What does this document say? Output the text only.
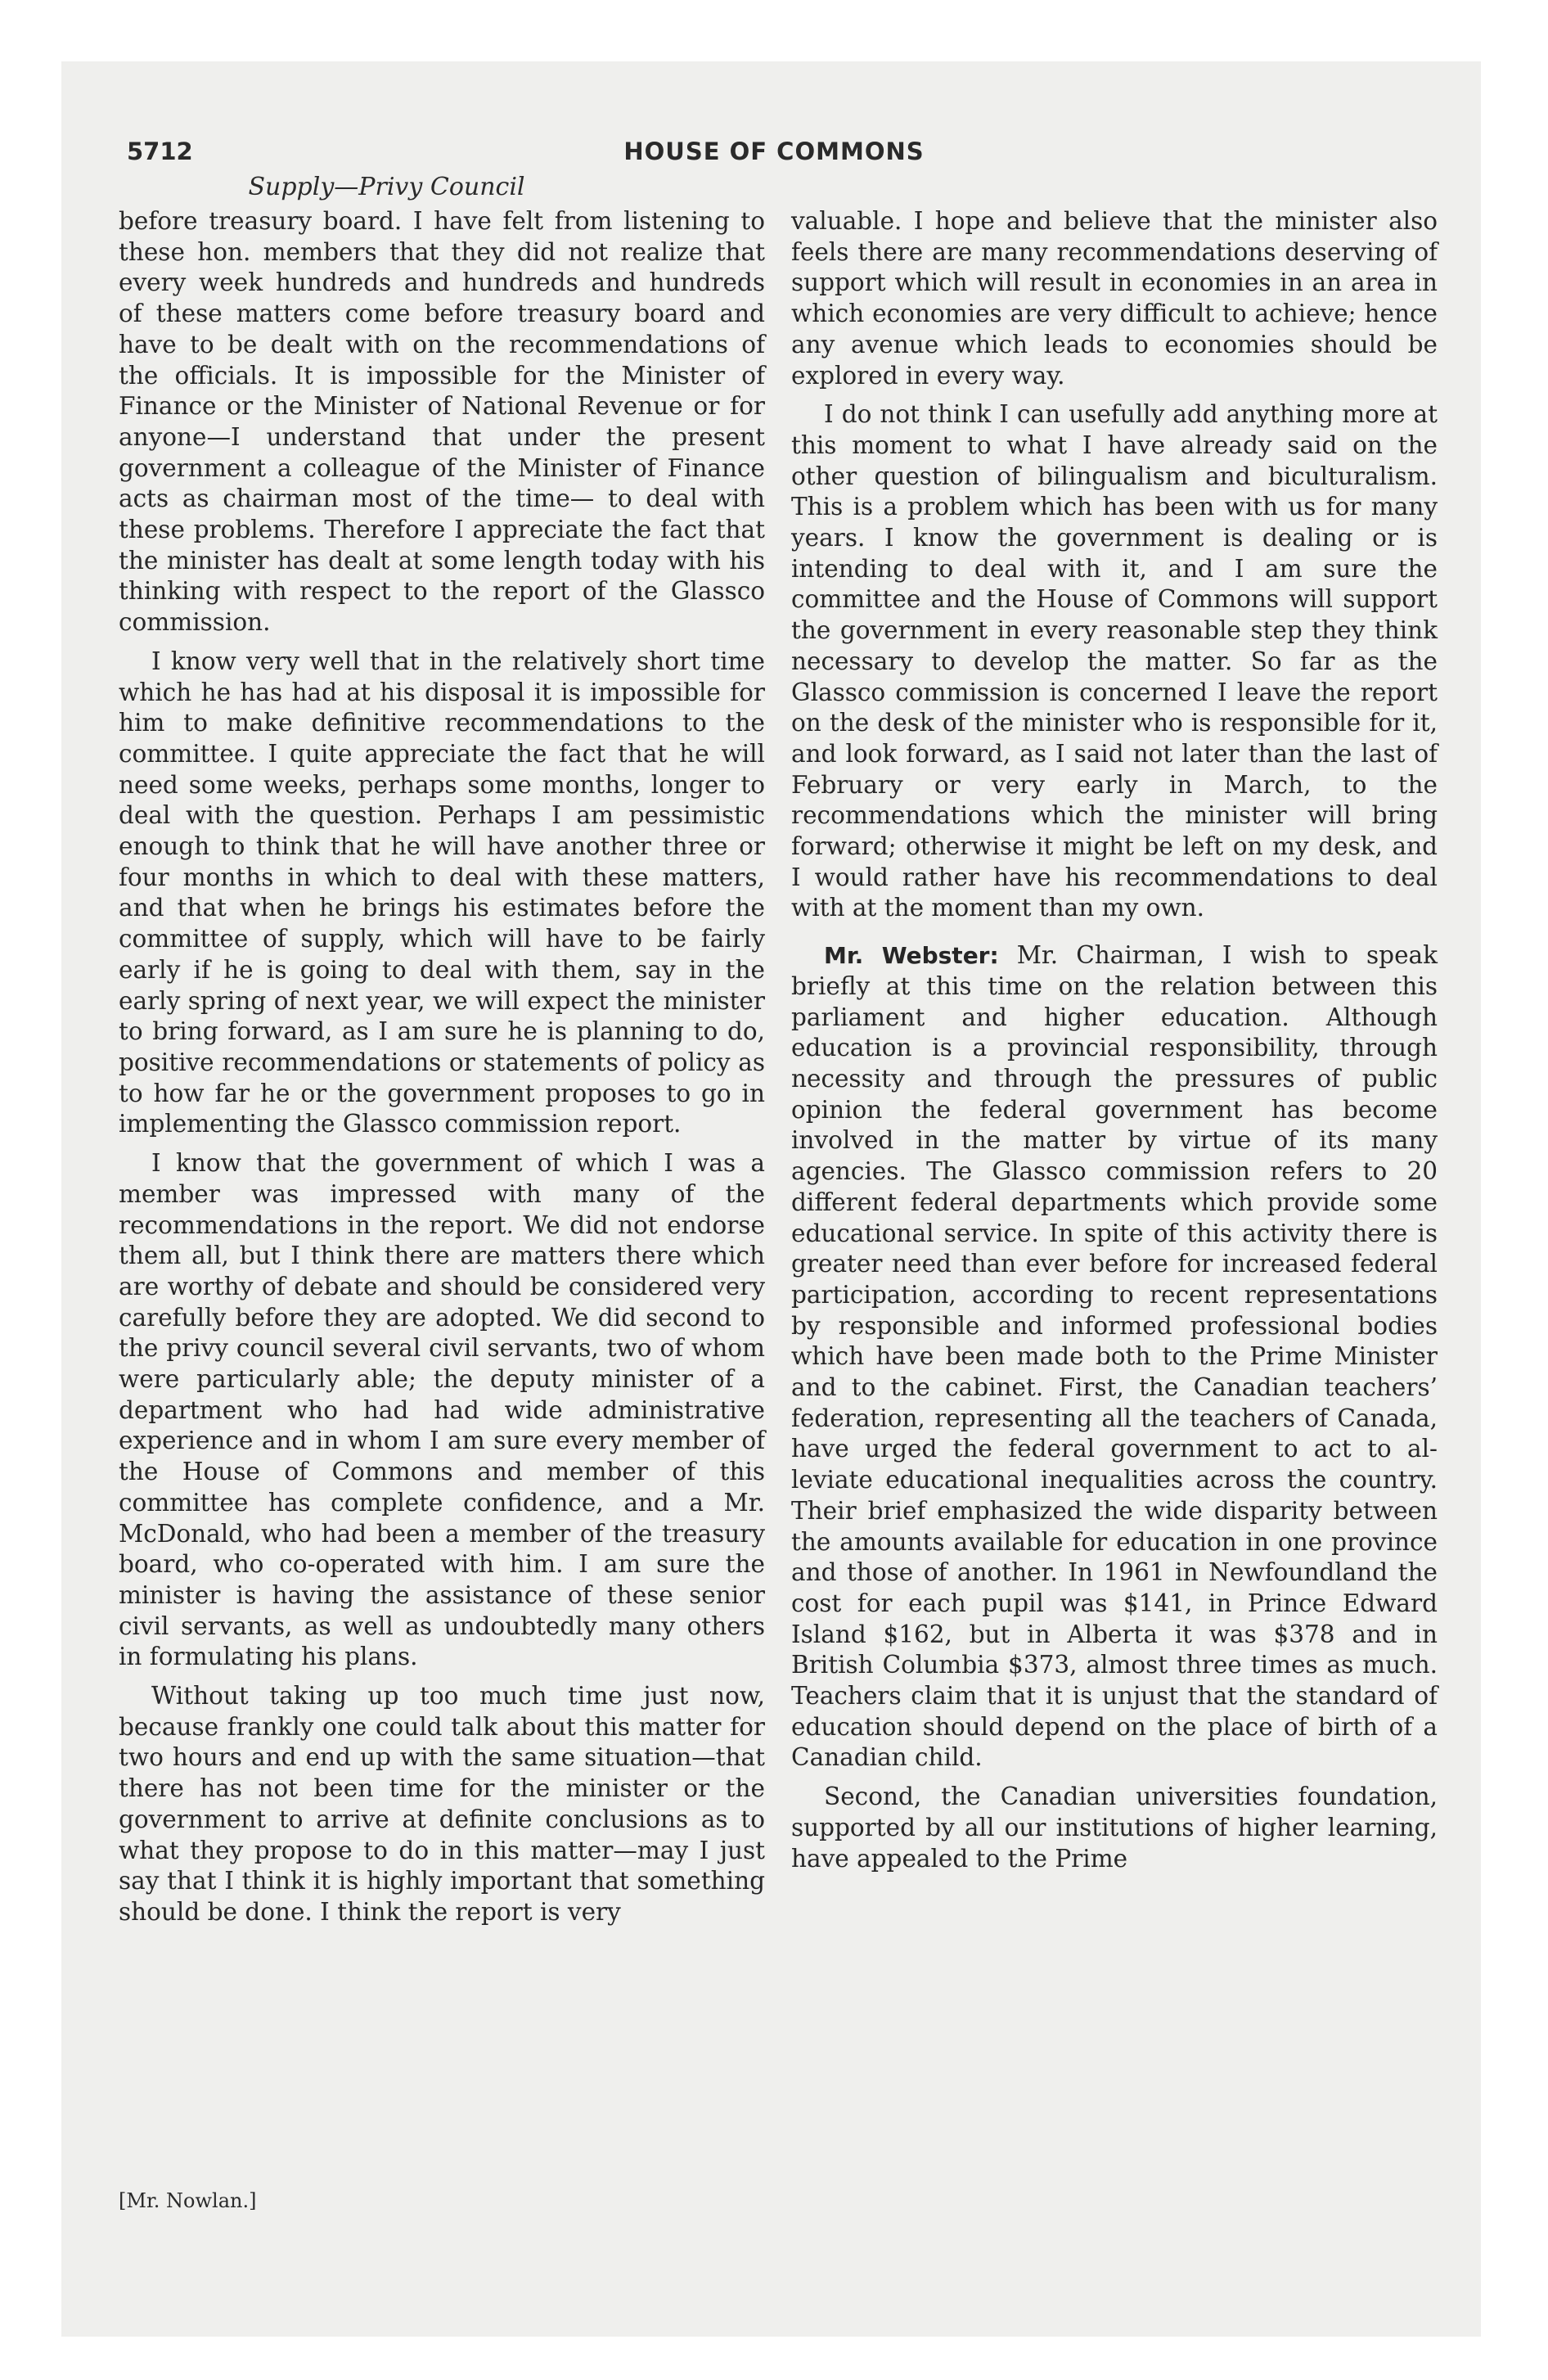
5712	HOUSE OF COMMONS
Supply—Privy Council

before treasury board. I have felt from listening to these hon. members that they did not realize that every week hundreds and hundreds and hundreds of these matters come before treasury board and have to be dealt with on the recommendations of the officials. It is impossible for the Minister of Finance or the Minister of National Revenue or for anyone—I understand that under the present government a colleague of the Minister of Finance acts as chairman most of the time— to deal with these problems. Therefore I appreciate the fact that the minister has dealt at some length today with his thinking with respect to the report of the Glassco commission.

I know very well that in the relatively short time which he has had at his disposal it is impossible for him to make definitive recommendations to the committee. I quite appreciate the fact that he will need some weeks, perhaps some months, longer to deal with the question. Perhaps I am pessimistic enough to think that he will have another three or four months in which to deal with these matters, and that when he brings his estimates before the committee of supply, which will have to be fairly early if he is going to deal with them, say in the early spring of next year, we will expect the minister to bring forward, as I am sure he is planning to do, positive recommendations or statements of policy as to how far he or the government proposes to go in implementing the Glassco commission report.

I know that the government of which I was a member was impressed with many of the recommendations in the report. We did not endorse them all, but I think there are matters there which are worthy of debate and should be considered very carefully before they are adopted. We did second to the privy council several civil servants, two of whom were particularly able; the deputy minister of a department who had had wide administrative experience and in whom I am sure every member of the House of Commons and member of this committee has complete confidence, and a Mr. McDonald, who had been a member of the treasury board, who co-operated with him. I am sure the minister is having the assistance of these senior civil servants, as well as undoubtedly many others in formulating his plans.

Without taking up too much time just now, because frankly one could talk about this matter for two hours and end up with the same situation—that there has not been time for the minister or the government to arrive at definite conclusions as to what they propose to do in this matter—may I just say that I think it is highly important that something should be done. I think the report is very

valuable. I hope and believe that the minister also feels there are many recommendations deserving of support which will result in economies in an area in which economies are very difficult to achieve; hence any avenue which leads to economies should be explored in every way.

I do not think I can usefully add anything more at this moment to what I have already said on the other question of bilingualism and biculturalism. This is a problem which has been with us for many years. I know the government is dealing or is intending to deal with it, and I am sure the committee and the House of Commons will support the government in every reasonable step they think necessary to develop the matter. So far as the Glassco commission is concerned I leave the report on the desk of the minister who is responsible for it, and look forward, as I said not later than the last of February or very early in March, to the recommendations which the minister will bring forward; otherwise it might be left on my desk, and I would rather have his recommendations to deal with at the moment than my own.

Mr. Webster: Mr. Chairman, I wish to speak briefly at this time on the relation between this parliament and higher education. Although education is a provincial responsibility, through necessity and through the pressures of public opinion the federal government has become involved in the matter by virtue of its many agencies. The Glassco commission refers to 20 different federal departments which provide some educational service. In spite of this activity there is greater need than ever before for increased federal participation, according to recent representations by responsible and informed professional bodies which have been made both to the Prime Minister and to the cabinet. First, the Canadian teachers’ federation, representing all the teachers of Canada, have urged the federal government to act to alleviate educational inequalities across the country. Their brief emphasized the wide disparity between the amounts available for education in one province and those of another. In 1961 in Newfoundland the cost for each pupil was $141, in Prince Edward Island $162, but in Alberta it was $378 and in British Columbia $373, almost three times as much. Teachers claim that it is unjust that the standard of education should depend on the place of birth of a Canadian child.

Second, the Canadian universities foundation, supported by all our institutions of higher learning, have appealed to the Prime

[Mr. Nowlan.]
